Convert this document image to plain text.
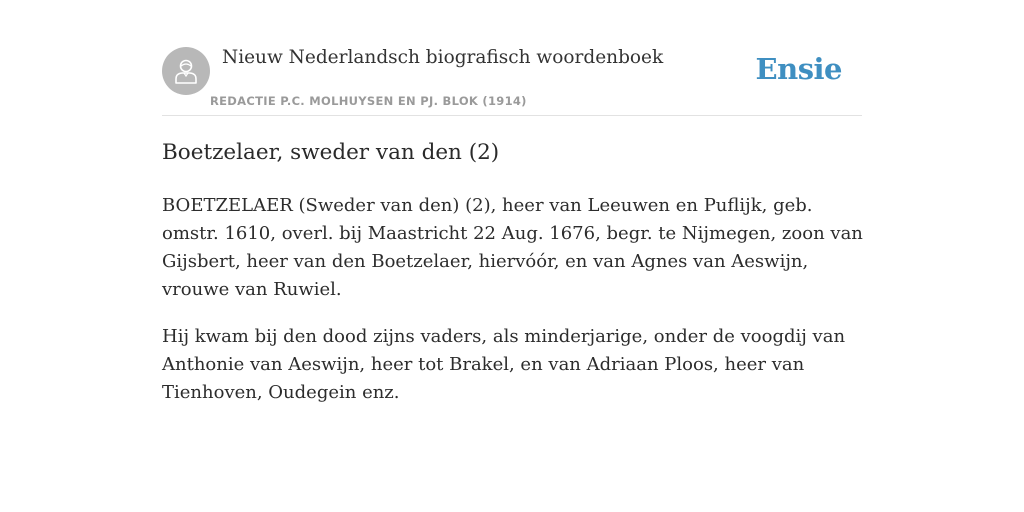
Nieuw Nederlandsch biografisch woordenboek
REDACTIE P.C. MOLHUYSEN EN PJ. BLOK (1914)
Ensie
Boetzelaer, sweder van den (2)

BOETZELAER (Sweder van den) (2), heer van Leeuwen en Puflijk, geb. omstr. 1610, overl. bij Maastricht 22 Aug. 1676, begr. te Nijmegen, zoon van Gijsbert, heer van den Boetzelaer, hiervóór, en van Agnes van Aeswijn, vrouwe van Ruwiel.

Hij kwam bij den dood zijns vaders, als minderjarige, onder de voogdij van Anthonie van Aeswijn, heer tot Brakel, en van Adriaan Ploos, heer van Tienhoven, Oudegein enz.
